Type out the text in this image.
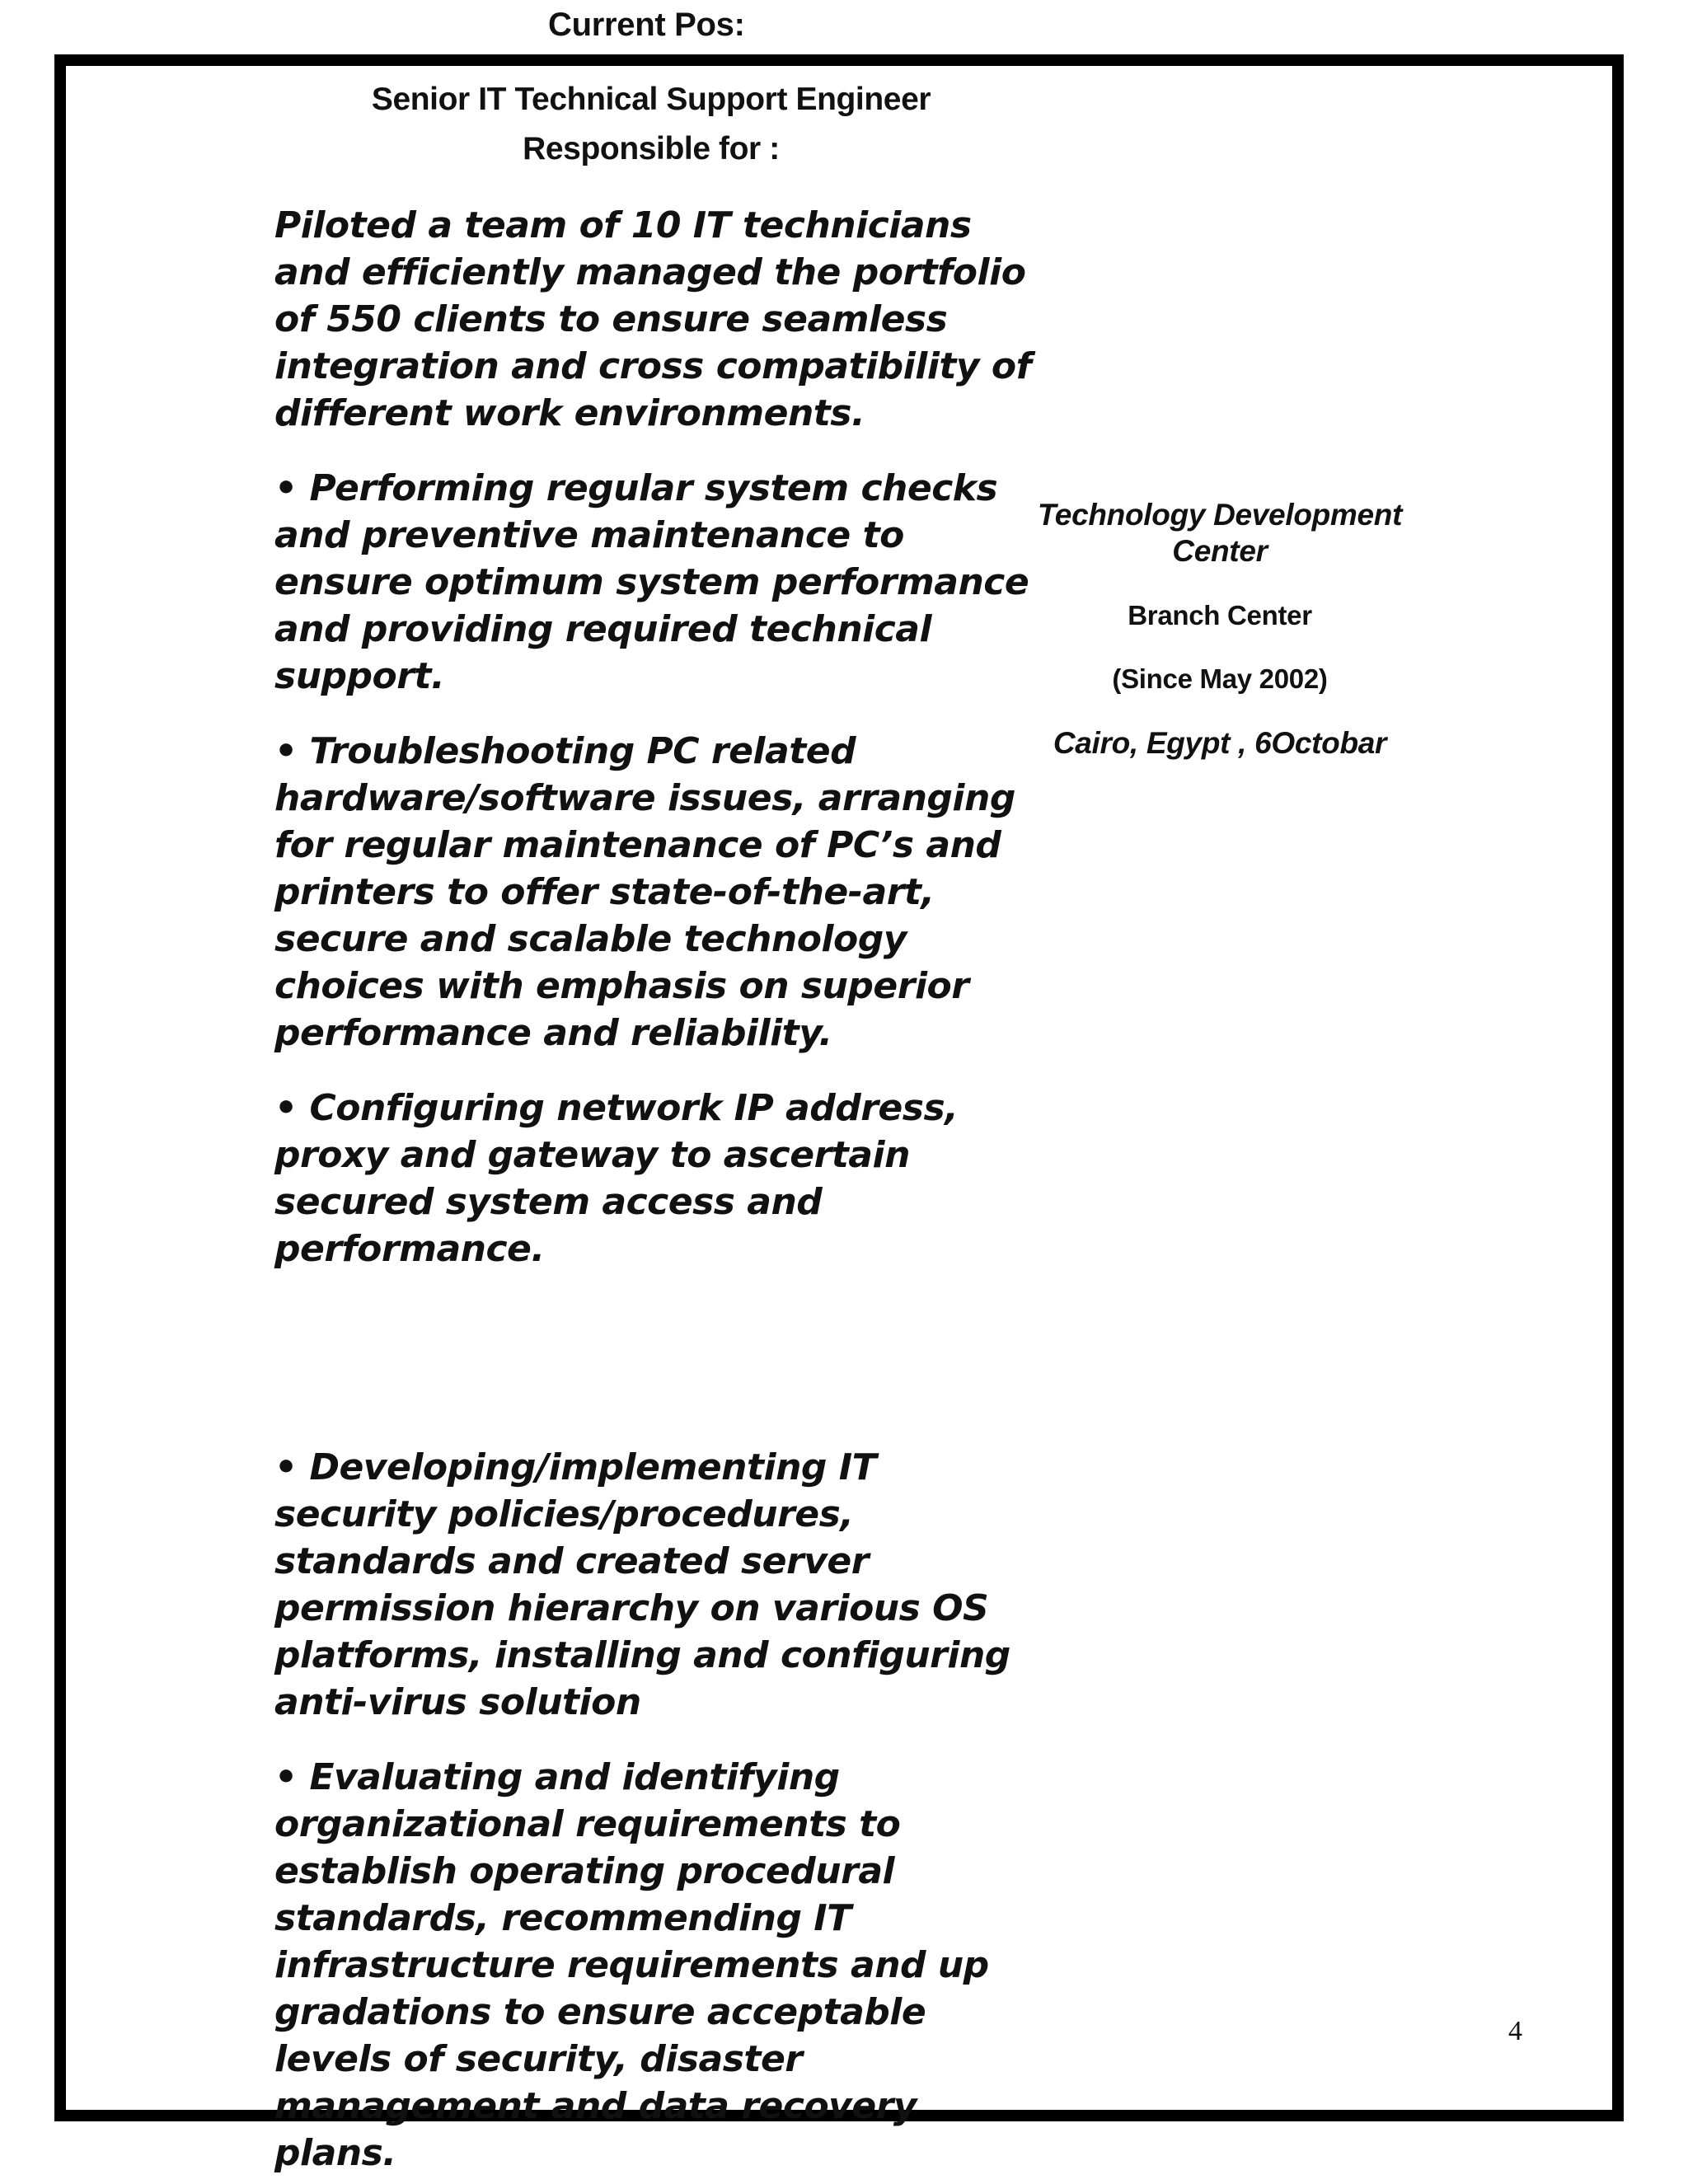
Current Pos:
Senior IT Technical Support Engineer
Responsible for :

Piloted a team of 10 IT technicians and efficiently managed the portfolio of 550 clients to ensure seamless integration and cross compatibility of different work environments.

• Performing regular system checks and preventive maintenance to ensure optimum system performance and providing required technical support.

• Troubleshooting PC related hardware/software issues, arranging for regular maintenance of PC’s and printers to offer state-of-the-art, secure and scalable technology choices with emphasis on superior performance and reliability.

• Configuring network IP address, proxy and gateway to ascertain secured system access and performance.

• Developing/implementing IT security policies/procedures, standards and created server permission hierarchy on various OS platforms, installing and configuring anti-virus solution

• Evaluating and identifying organizational requirements to establish operating procedural standards, recommending IT infrastructure requirements and up gradations to ensure acceptable levels of security, disaster management and data recovery plans.

Technology Development Center
Branch Center
(Since May 2002)
Cairo, Egypt , 6Octobar
4
